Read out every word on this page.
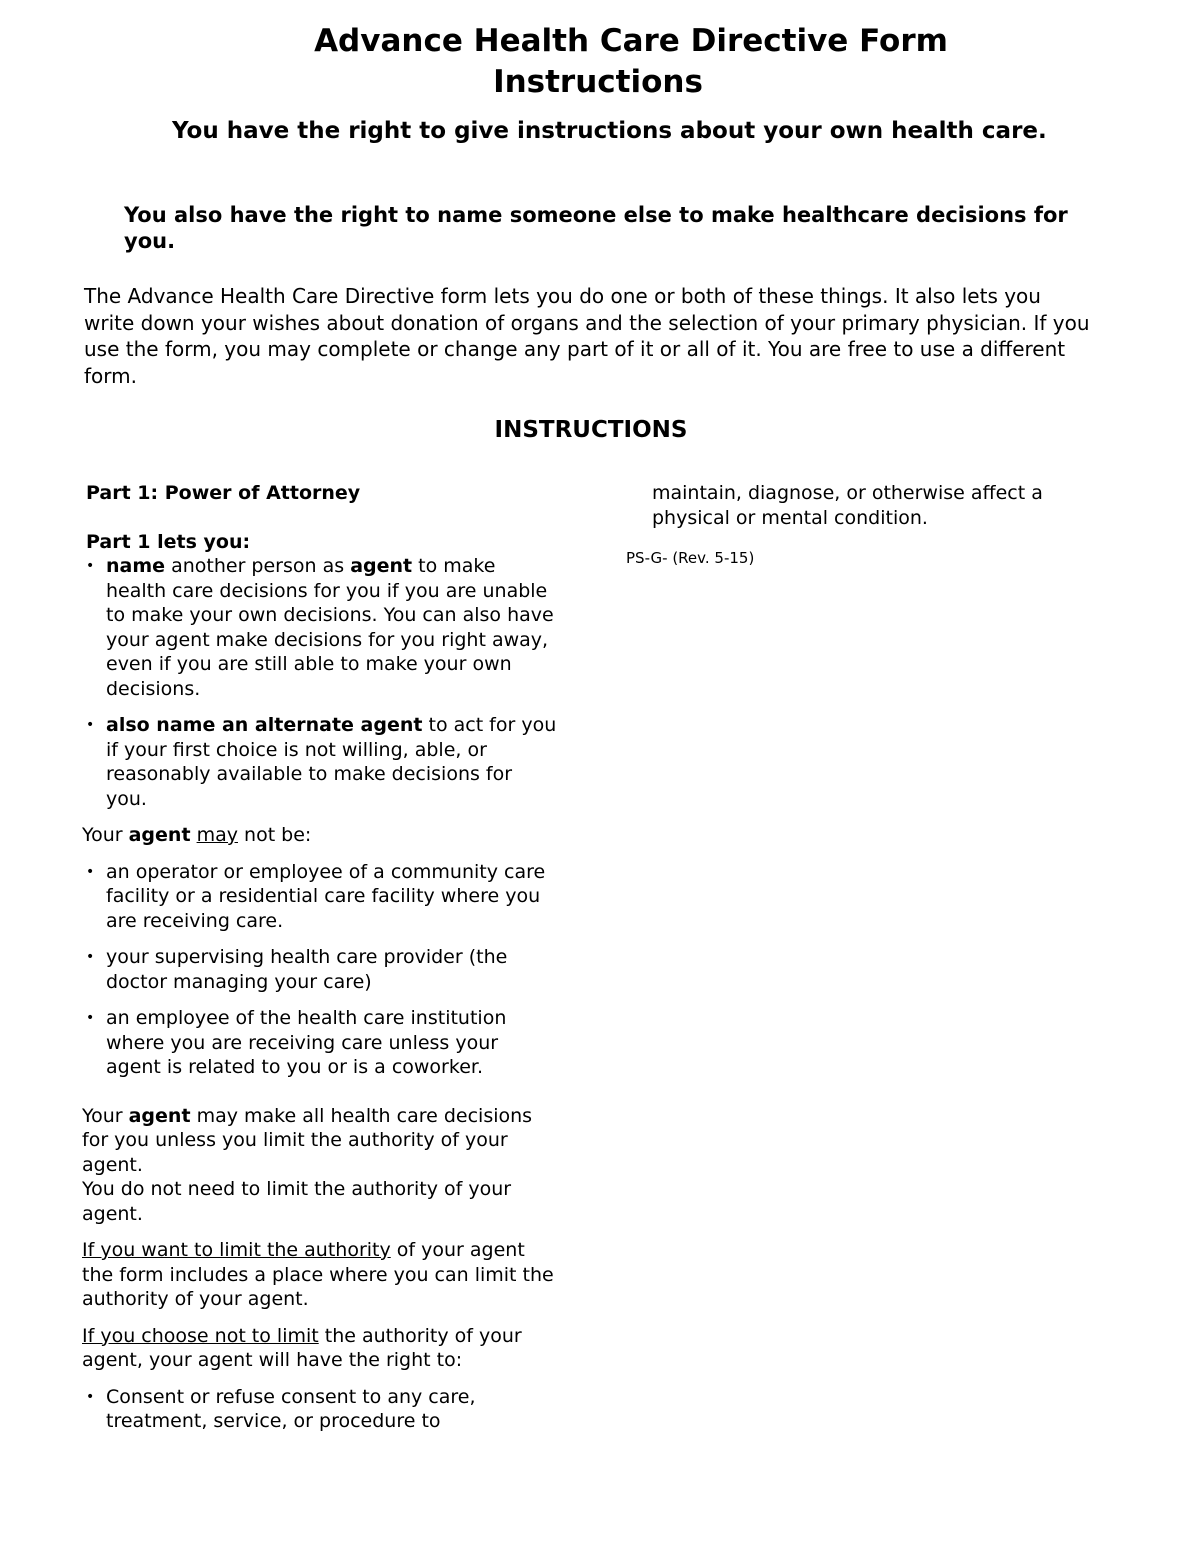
Advance Health Care Directive Form
Instructions

You have the right to give instructions about your own health care.

You also have the right to name someone else to make healthcare decisions for you.

The Advance Health Care Directive form lets you do one or both of these things. It also lets you write down your wishes about donation of organs and the selection of your primary physician. If you use the form, you may complete or change any part of it or all of it. You are free to use a different form.

INSTRUCTIONS

Part 1: Power of Attorney

Part 1 lets you:

• name another person as agent to make health care decisions for you if you are unable to make your own decisions. You can also have your agent make decisions for you right away, even if you are still able to make your own decisions.
• also name an alternate agent to act for you if your first choice is not willing, able, or reasonably available to make decisions for you.

Your agent may not be:

• an operator or employee of a community care facility or a residential care facility where you are receiving care.
• your supervising health care provider (the doctor managing your care)
• an employee of the health care institution where you are receiving care unless your agent is related to you or is a coworker.

Your agent may make all health care decisions for you unless you limit the authority of your agent.

You do not need to limit the authority of your agent.

If you want to limit the authority of your agent the form includes a place where you can limit the authority of your agent.

If you choose not to limit the authority of your agent, your agent will have the right to:

• Consent or refuse consent to any care, treatment, service, or procedure to

maintain, diagnose, or otherwise affect a physical or mental condition.

PS-G- (Rev. 5-15)
